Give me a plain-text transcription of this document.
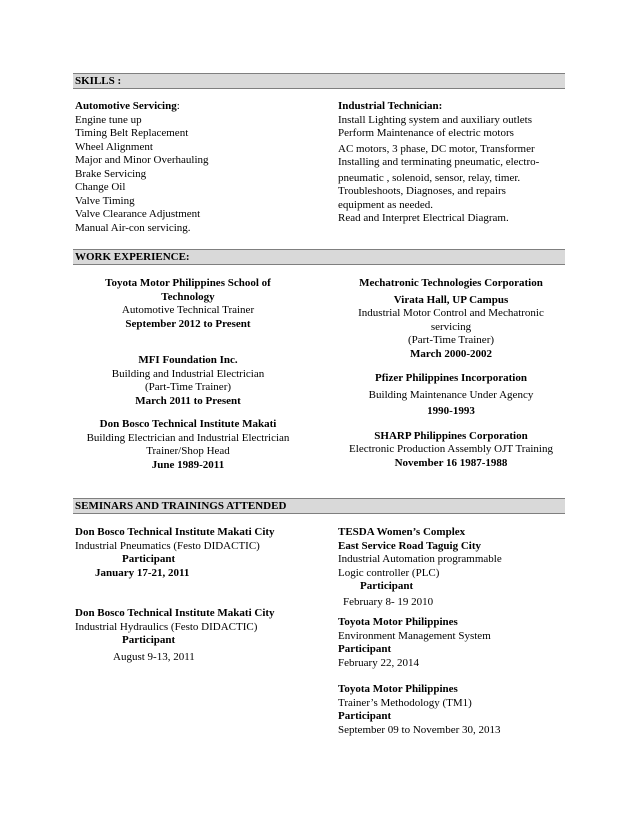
SKILLS :
Automotive Servicing:
Engine tune up
Timing Belt Replacement
Wheel Alignment
Major and Minor Overhauling
Brake Servicing
Change Oil
Valve Timing
Valve Clearance Adjustment
Manual Air-con servicing.
Industrial Technician:
Install Lighting system and auxiliary outlets
Perform Maintenance of electric motors
AC motors, 3 phase, DC motor, Transformer
Installing and terminating pneumatic, electro-
pneumatic , solenoid, sensor, relay, timer.
Troubleshoots, Diagnoses, and repairs
equipment as needed.
Read and Interpret Electrical Diagram.
WORK EXPERIENCE:
Toyota Motor Philippines School of
Technology
Automotive Technical Trainer
September 2012 to Present
MFI Foundation Inc.
Building and Industrial Electrician
(Part-Time Trainer)
March 2011 to Present
Don Bosco Technical Institute Makati
Building Electrician and Industrial Electrician
Trainer/Shop Head
June 1989-2011
Mechatronic Technologies Corporation
Virata Hall, UP Campus
Industrial Motor Control and Mechatronic
servicing
(Part-Time Trainer)
March 2000-2002
Pfizer Philippines Incorporation
Building Maintenance Under Agency
1990-1993
SHARP Philippines Corporation
Electronic Production Assembly OJT Training
November 16 1987-1988
SEMINARS AND TRAININGS ATTENDED
Don Bosco Technical Institute Makati City
Industrial Pneumatics (Festo DIDACTIC)
Participant
January 17-21, 2011
Don Bosco Technical Institute Makati City
Industrial Hydraulics (Festo DIDACTIC)
Participant
August 9-13, 2011
TESDA Women’s Complex
East Service Road Taguig City
Industrial Automation programmable
Logic controller (PLC)
Participant
February 8- 19 2010
Toyota Motor Philippines
Environment Management System
Participant
February 22, 2014
Toyota Motor Philippines
Trainer’s Methodology (TM1)
Participant
September 09 to November 30, 2013
